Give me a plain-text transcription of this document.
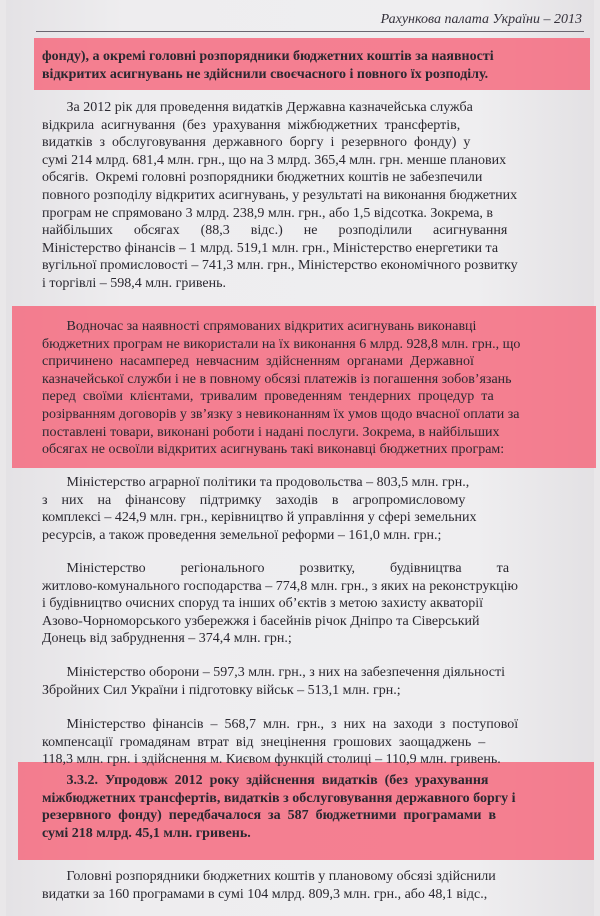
Рахункова палата України – 2013
фонду), а окремі головні розпорядники бюджетних коштів за наявності
відкритих асигнувань не здійснили своєчасного і повного їх розподілу.
За 2012 рік для проведення видатків Державна казначейська служба
відкрила  асигнування  (без  урахування  міжбюджетних  трансфертів,
видатків  з  обслуговування  державного  боргу  і  резервного  фонду)  у
сумі 214 млрд. 681,4 млн. грн., що на 3 млрд. 365,4 млн. грн. менше планових
обсягів.  Окремі головні розпорядники бюджетних коштів не забезпечили
повного розподілу відкритих асигнувань, у результаті на виконання бюджетних
програм не спрямовано 3 млрд. 238,9 млн. грн., або 1,5 відсотка. Зокрема, в
найбільших      обсягах      (88,3      відс.)      не      розподілили      асигнування
Міністерство фінансів – 1 млрд. 519,1 млн. грн., Міністерство енергетики та
вугільної промисловості – 741,3 млн. грн., Міністерство економічного розвитку
і торгівлі – 598,4 млн. гривень.
Водночас за наявності спрямованих відкритих асигнувань виконавці
бюджетних програм не використали на їх виконання 6 млрд. 928,8 млн. грн., що
спричинено  насамперед  невчасним  здійсненням  органами  Державної
казначейської служби і не в повному обсязі платежів із погашення зобов’язань
перед  своїми  клієнтами,  тривалим  проведенням  тендерних  процедур  та
розірванням договорів у зв’язку з невиконанням їх умов щодо вчасної оплати за
поставлені товари, виконані роботи і надані послуги. Зокрема, в найбільших
обсягах не освоїли відкритих асигнувань такі виконавці бюджетних програм:
Міністерство аграрної політики та продовольства – 803,5 млн. грн.,
з    них    на    фінансову    підтримку    заходів    в    агропромисловому
комплексі – 424,9 млн. грн., керівництво й управління у сфері земельних
ресурсів, а також проведення земельної реформи – 161,0 млн. грн.;
Міністерство          регіонального          розвитку,          будівництва          та
житлово-комунального господарства – 774,8 млн. грн., з яких на реконструкцію
і будівництво очисних споруд та інших об’єктів з метою захисту акваторії
Азово-Чорноморського узбережжя і басейнів річок Дніпро та Сіверський
Донець від забруднення – 374,4 млн. грн.;
Міністерство оборони – 597,3 млн. грн., з них на забезпечення діяльності
Збройних Сил України і підготовку військ – 513,1 млн. грн.;
Міністерство  фінансів  –  568,7  млн.  грн.,  з  них  на  заходи  з  поступової
компенсації  громадянам  втрат  від  знецінення  грошових  заощаджень  –
118,3 млн. грн. і здійснення м. Києвом функцій столиці – 110,9 млн. гривень.
3.3.2.  Упродовж  2012  року  здійснення  видатків  (без  урахування
міжбюджетних трансфертів, видатків з обслуговування державного боргу і
резервного  фонду)  передбачалося  за  587  бюджетними  програмами  в
сумі 218 млрд. 45,1 млн. гривень.
Головні розпорядники бюджетних коштів у плановому обсязі здійснили
видатки за 160 програмами в сумі 104 млрд. 809,3 млн. грн., або 48,1 відс.,
